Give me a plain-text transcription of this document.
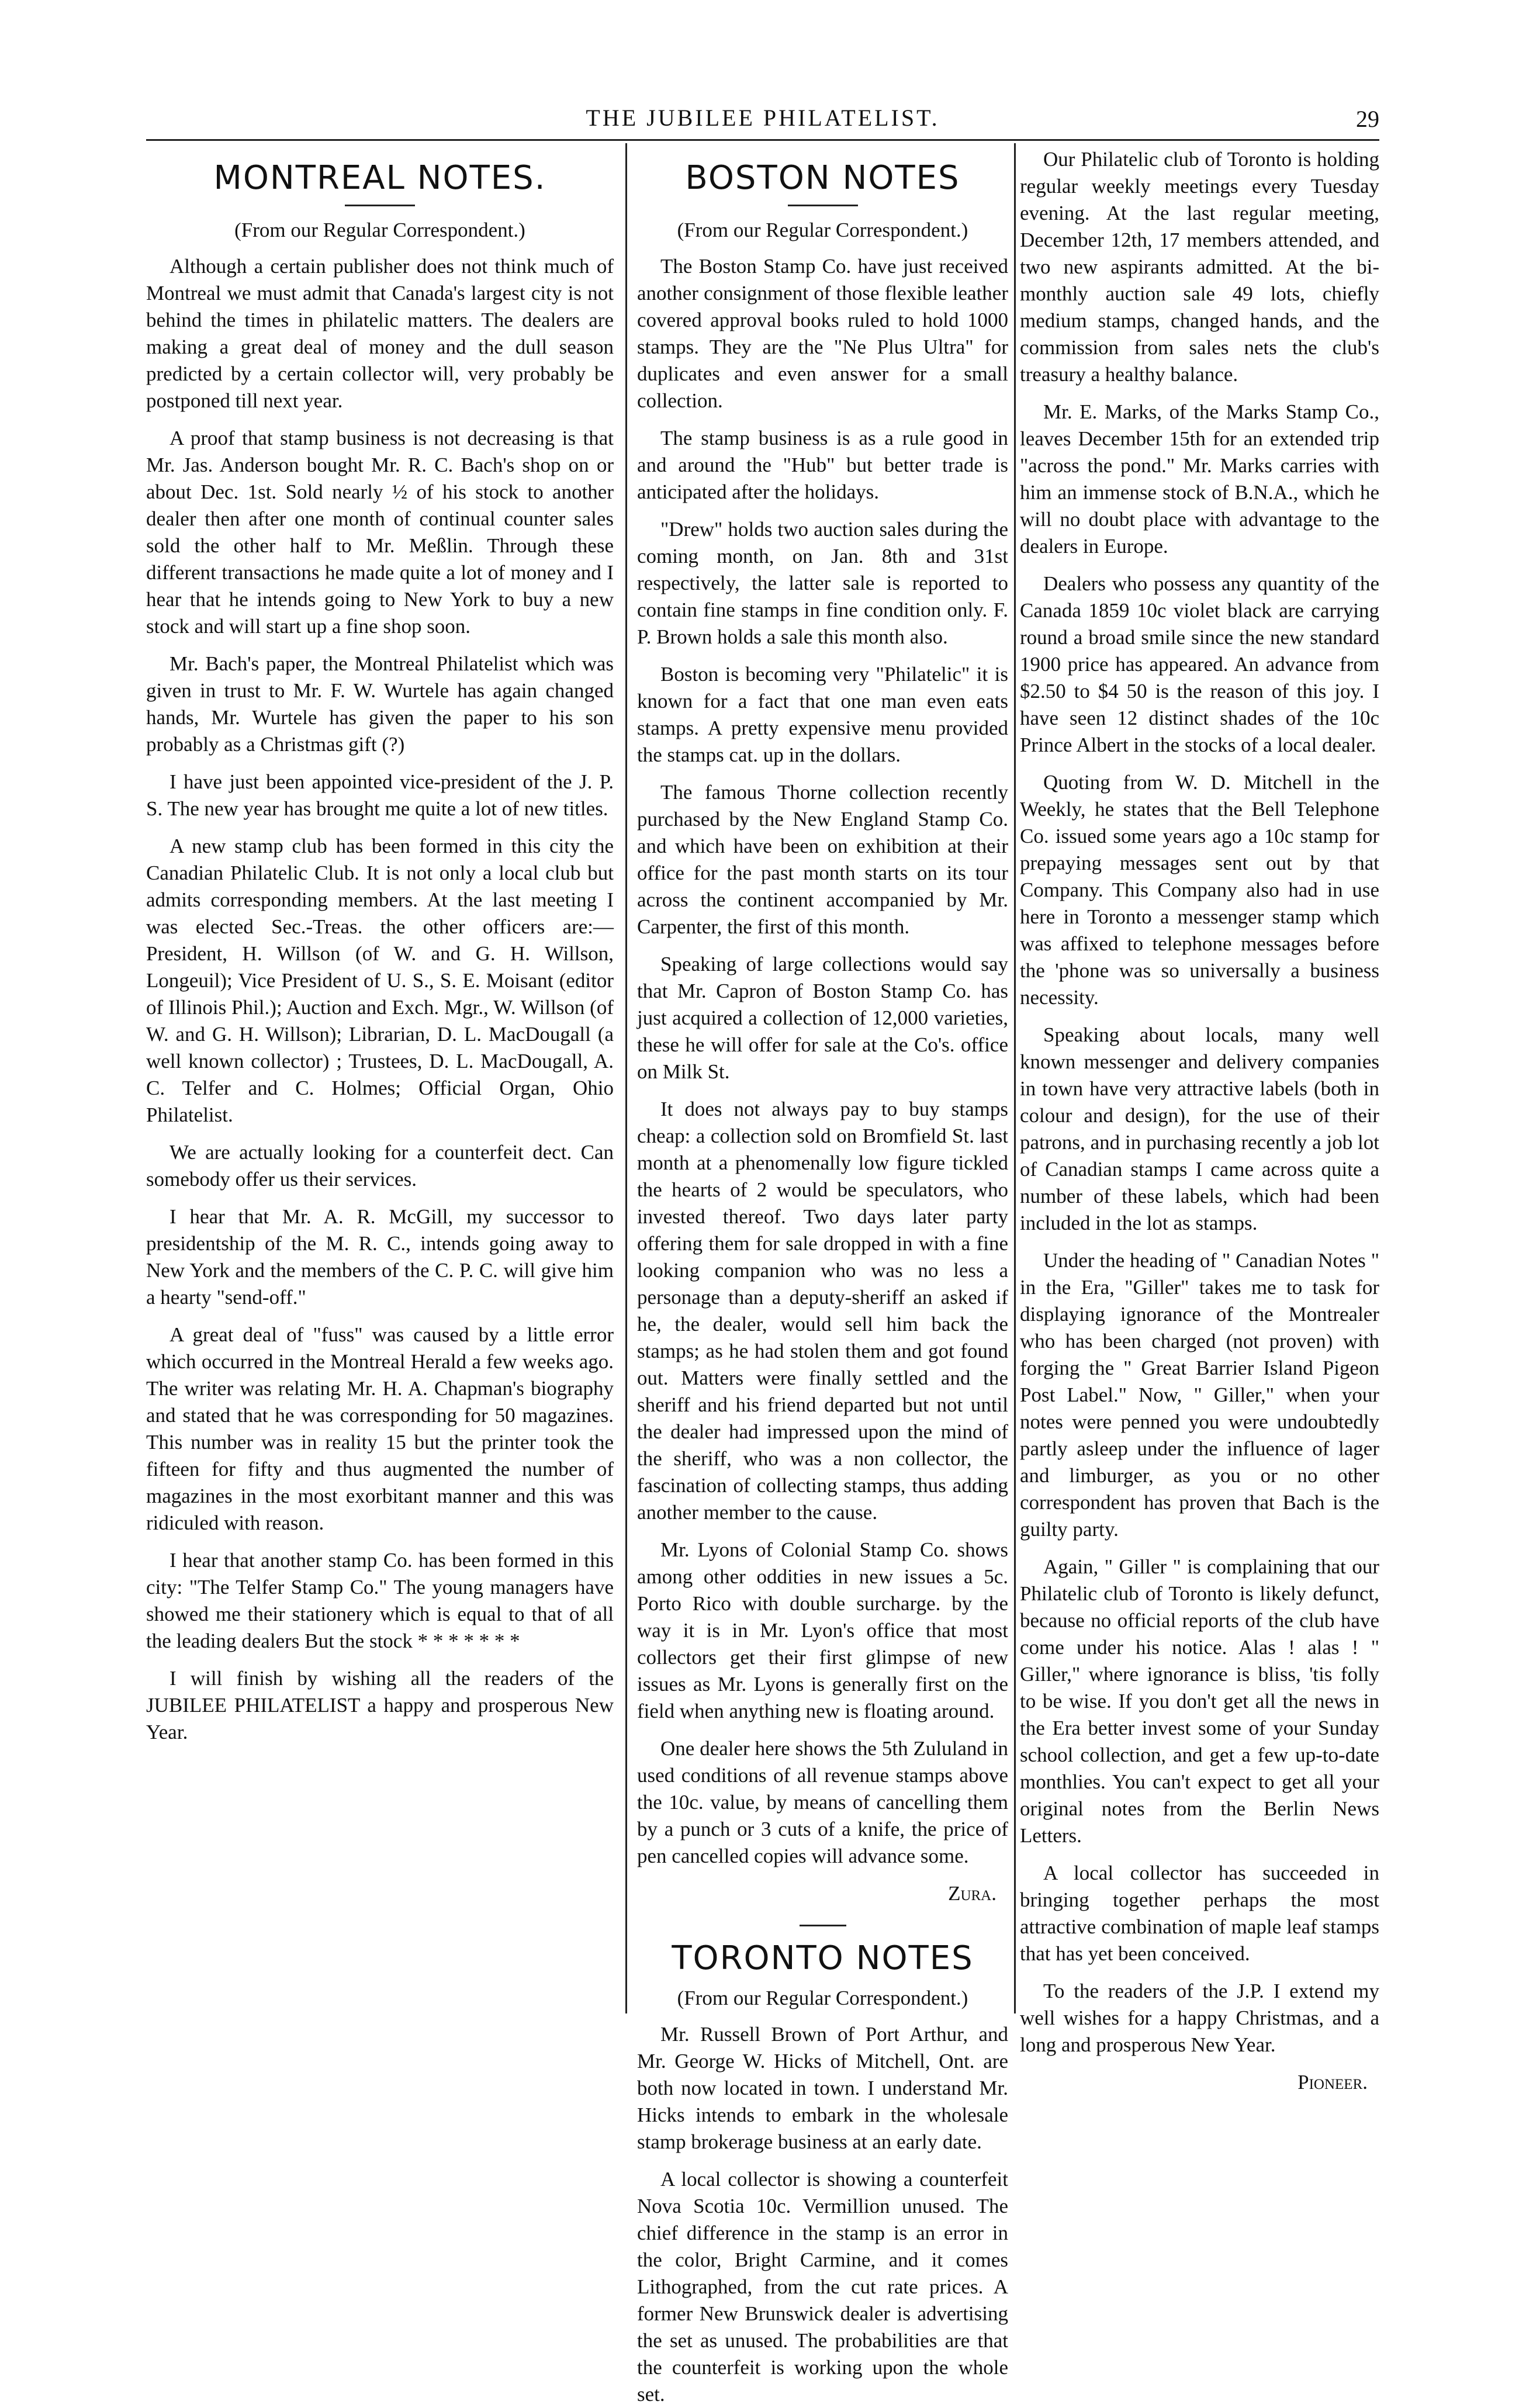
THE JUBILEE PHILATELIST.	29
MONTREAL NOTES.
(From our Regular Correspondent.)

Although a certain publisher does not think much of Montreal we must admit that Canada's largest city is not behind the times in philatelic matters. The dealers are making a great deal of money and the dull season predicted by a certain collector will, very probably be postponed till next year.

A proof that stamp business is not decreasing is that Mr. Jas. Anderson bought Mr. R. C. Bach's shop on or about Dec. 1st. Sold nearly ½ of his stock to another dealer then after one month of continual counter sales sold the other half to Mr. Meßlin. Through these different transactions he made quite a lot of money and I hear that he intends going to New York to buy a new stock and will start up a fine shop soon.

Mr. Bach's paper, the Montreal Philatelist which was given in trust to Mr. F. W. Wurtele has again changed hands, Mr. Wurtele has given the paper to his son probably as a Christmas gift (?)

I have just been appointed vice-president of the J. P. S. The new year has brought me quite a lot of new titles.

A new stamp club has been formed in this city the Canadian Philatelic Club. It is not only a local club but admits corresponding members. At the last meeting I was elected Sec.-Treas. the other officers are:—President, H. Willson (of W. and G. H. Willson, Longeuil); Vice President of U. S., S. E. Moisant (editor of Illinois Phil.); Auction and Exch. Mgr., W. Willson (of W. and G. H. Willson); Librarian, D. L. MacDougall (a well known collector) ; Trustees, D. L. MacDougall, A. C. Telfer and C. Holmes; Official Organ, Ohio Philatelist.

We are actually looking for a counterfeit dect. Can somebody offer us their services.

I hear that Mr. A. R. McGill, my successor to presidentship of the M. R. C., intends going away to New York and the members of the C. P. C. will give him a hearty "send-off."

A great deal of "fuss" was caused by a little error which occurred in the Montreal Herald a few weeks ago. The writer was relating Mr. H. A. Chapman's biography and stated that he was corresponding for 50 magazines. This number was in reality 15 but the printer took the fifteen for fifty and thus augmented the number of magazines in the most exorbitant manner and this was ridiculed with reason.

I hear that another stamp Co. has been formed in this city: "The Telfer Stamp Co." The young managers have showed me their stationery which is equal to that of all the leading dealers But the stock * * * * * * *

I will finish by wishing all the readers of the JUBILEE PHILATELIST a happy and prosperous New Year.

BOSTON NOTES
(From our Regular Correspondent.)

The Boston Stamp Co. have just received another consignment of those flexible leather covered approval books ruled to hold 1000 stamps. They are the "Ne Plus Ultra" for duplicates and even answer for a small collection.

The stamp business is as a rule good in and around the "Hub" but better trade is anticipated after the holidays.

"Drew" holds two auction sales during the coming month, on Jan. 8th and 31st respectively, the latter sale is reported to contain fine stamps in fine condition only. F. P. Brown holds a sale this month also.

Boston is becoming very "Philatelic" it is known for a fact that one man even eats stamps. A pretty expensive menu provided the stamps cat. up in the dollars.

The famous Thorne collection recently purchased by the New England Stamp Co. and which have been on exhibition at their office for the past month starts on its tour across the continent accompanied by Mr. Carpenter, the first of this month.

Speaking of large collections would say that Mr. Capron of Boston Stamp Co. has just acquired a collection of 12,000 varieties, these he will offer for sale at the Co's. office on Milk St.

It does not always pay to buy stamps cheap: a collection sold on Bromfield St. last month at a phenomenally low figure tickled the hearts of 2 would be speculators, who invested thereof. Two days later party offering them for sale dropped in with a fine looking companion who was no less a personage than a deputy-sheriff an asked if he, the dealer, would sell him back the stamps; as he had stolen them and got found out. Matters were finally settled and the sheriff and his friend departed but not until the dealer had impressed upon the mind of the sheriff, who was a non collector, the fascination of collecting stamps, thus adding another member to the cause.

Mr. Lyons of Colonial Stamp Co. shows among other oddities in new issues a 5c. Porto Rico with double surcharge. by the way it is in Mr. Lyon's office that most collectors get their first glimpse of new issues as Mr. Lyons is generally first on the field when anything new is floating around.

One dealer here shows the 5th Zululand in used conditions of all revenue stamps above the 10c. value, by means of cancelling them by a punch or 3 cuts of a knife, the price of pen cancelled copies will advance some.

Zura.
TORONTO NOTES
(From our Regular Correspondent.)

Mr. Russell Brown of Port Arthur, and Mr. George W. Hicks of Mitchell, Ont. are both now located in town. I understand Mr. Hicks intends to embark in the wholesale stamp brokerage business at an early date.

A local collector is showing a counterfeit Nova Scotia 10c. Vermillion unused. The chief difference in the stamp is an error in the color, Bright Carmine, and it comes Lithographed, from the cut rate prices. A former New Brunswick dealer is advertising the set as unused. The probabilities are that the counterfeit is working upon the whole set.

Our Philatelic club of Toronto is holding regular weekly meetings every Tuesday evening. At the last regular meeting, December 12th, 17 members attended, and two new aspirants admitted. At the bi-monthly auction sale 49 lots, chiefly medium stamps, changed hands, and the commission from sales nets the club's treasury a healthy balance.

Mr. E. Marks, of the Marks Stamp Co., leaves December 15th for an extended trip "across the pond." Mr. Marks carries with him an immense stock of B.N.A., which he will no doubt place with advantage to the dealers in Europe.

Dealers who possess any quantity of the Canada 1859 10c violet black are carrying round a broad smile since the new standard 1900 price has appeared. An advance from $2.50 to $4 50 is the reason of this joy. I have seen 12 distinct shades of the 10c Prince Albert in the stocks of a local dealer.

Quoting from W. D. Mitchell in the Weekly, he states that the Bell Telephone Co. issued some years ago a 10c stamp for prepaying messages sent out by that Company. This Company also had in use here in Toronto a messenger stamp which was affixed to telephone messages before the 'phone was so universally a business necessity.

Speaking about locals, many well known messenger and delivery companies in town have very attractive labels (both in colour and design), for the use of their patrons, and in purchasing recently a job lot of Canadian stamps I came across quite a number of these labels, which had been included in the lot as stamps.

Under the heading of " Canadian Notes " in the Era, "Giller" takes me to task for displaying ignorance of the Montrealer who has been charged (not proven) with forging the " Great Barrier Island Pigeon Post Label." Now, " Giller," when your notes were penned you were undoubtedly partly asleep under the influence of lager and limburger, as you or no other correspondent has proven that Bach is the guilty party.

Again, " Giller " is complaining that our Philatelic club of Toronto is likely defunct, because no official reports of the club have come under his notice. Alas ! alas ! " Giller," where ignorance is bliss, 'tis folly to be wise. If you don't get all the news in the Era better invest some of your Sunday school collection, and get a few up-to-date monthlies. You can't expect to get all your original notes from the Berlin News Letters.

A local collector has succeeded in bringing together perhaps the most attractive combination of maple leaf stamps that has yet been conceived.

To the readers of the J.P. I extend my well wishes for a happy Christmas, and a long and prosperous New Year.

Pioneer.
